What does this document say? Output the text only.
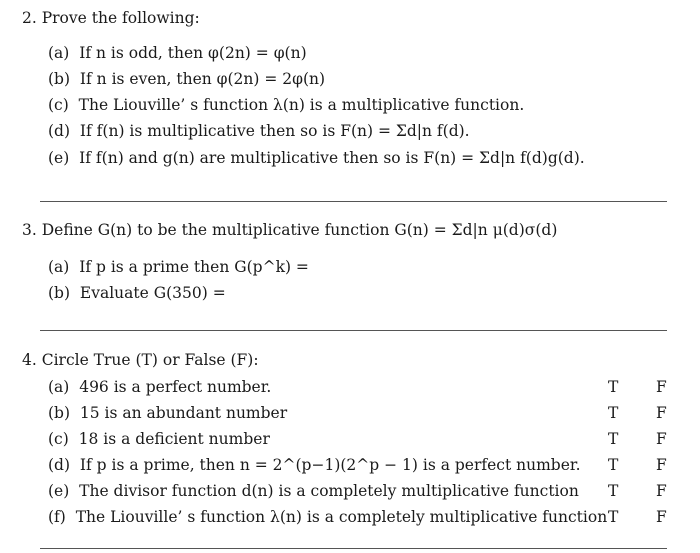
2. Prove the following:
(a) If n is odd, then φ(2n) = φ(n)
(b) If n is even, then φ(2n) = 2φ(n)
(c) The Liouville’ s function λ(n) is a multiplicative function.
(d) If f(n) is multiplicative then so is F(n) = Σd|n f(d).
(e) If f(n) and g(n) are multiplicative then so is F(n) = Σd|n f(d)g(d).
3. Define G(n) to be the multiplicative function G(n) = Σd|n μ(d)σ(d)
(a) If p is a prime then G(p^k) =
(b) Evaluate G(350) =
4. Circle True (T) or False (F):
(a) 496 is a perfect number.	T F
(b) 15 is an abundant number	T F
(c) 18 is a deficient number	T F
(d) If p is a prime, then n = 2^(p−1)(2^p − 1) is a perfect number. T F
(e) The divisor function d(n) is a completely multiplicative function T F
(f) The Liouville’ s function λ(n) is a completely multiplicative function T F
